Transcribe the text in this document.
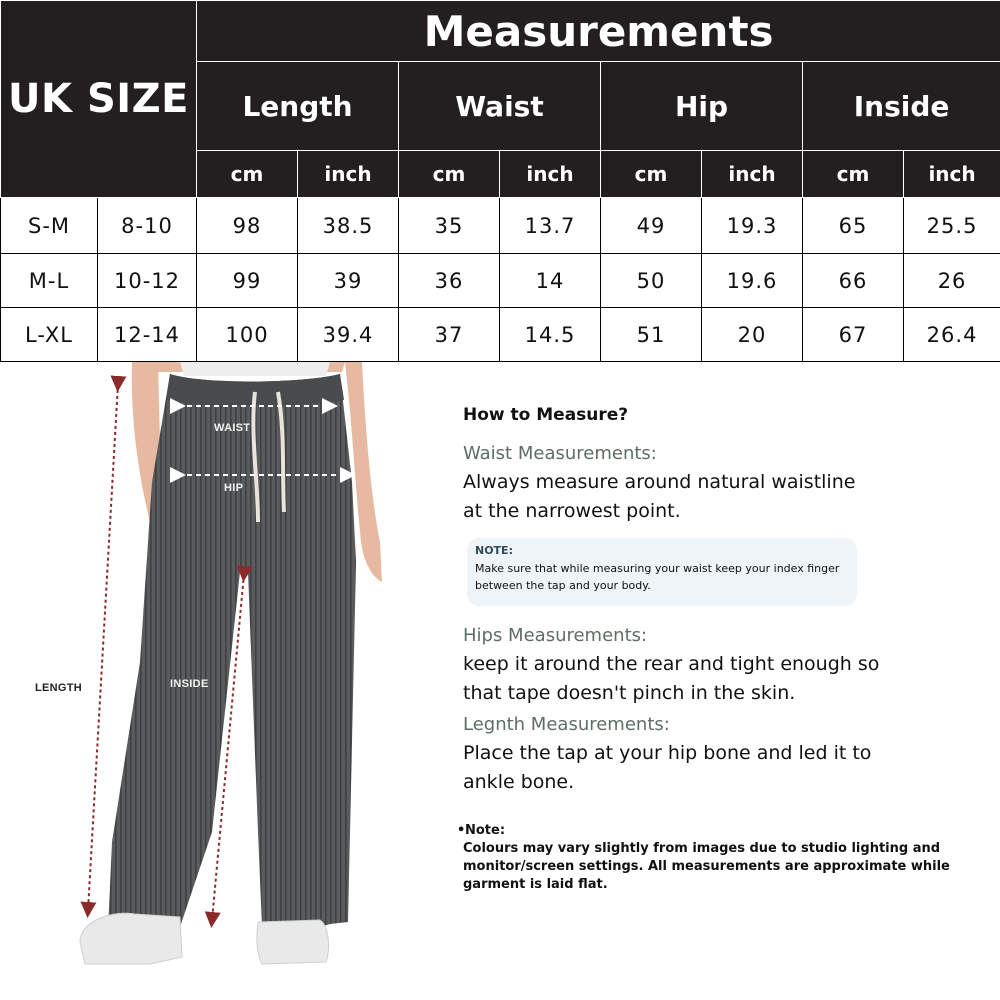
UK SIZE		Measurements							
		Length		Waist		Hip		Inside	
		cm	inch	cm	inch	cm	inch	cm	inch
S-M	8-10	98	38.5	35	13.7	49	19.3	65	25.5
M-L	10-12	99	39	36	14	50	19.6	66	26
L-XL	12-14	100	39.4	37	14.5	51	20	67	26.4
WAIST
HIP
LENGTH	INSIDE
How to Measure?
Waist Measurements:
Always measure around natural waistline at the narrowest point.
NOTE:
Make sure that while measuring your waist keep your index finger between the tap and your body.
Hips Measurements:
keep it around the rear and tight enough so that tape doesn't pinch in the skin.
Legnth Measurements:
Place the tap at your hip bone and led it to ankle bone.
• Note:
Colours may vary slightly from images due to studio lighting and monitor/screen settings. All measurements are approximate while garment is laid flat.
